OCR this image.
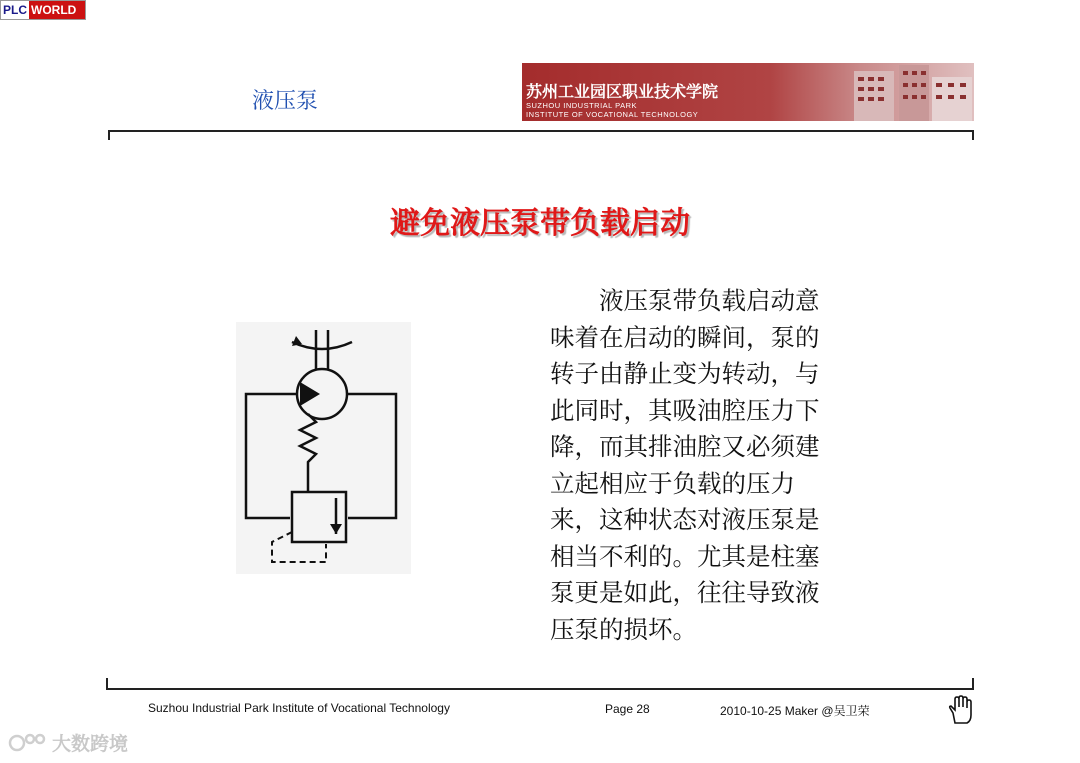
PLC WORLD
液压泵	苏州工业园区职业技术学院
SUZHOU INDUSTRIAL PARK
INSTITUTE OF VOCATIONAL TECHNOLOGY
避免液压泵带负载启动
　　液压泵带负载启动意
味着在启动的瞬间，泵的
转子由静止变为转动，与
此同时，其吸油腔压力下
降，而其排油腔又必须建
立起相应于负载的压力
来，这种状态对液压泵是
相当不利的。尤其是柱塞
泵更是如此，往往导致液
压泵的损坏。
Suzhou Industrial Park Institute of Vocational Technology	Page 28	2010-10-25 Maker @吴卫荣
大数跨境
